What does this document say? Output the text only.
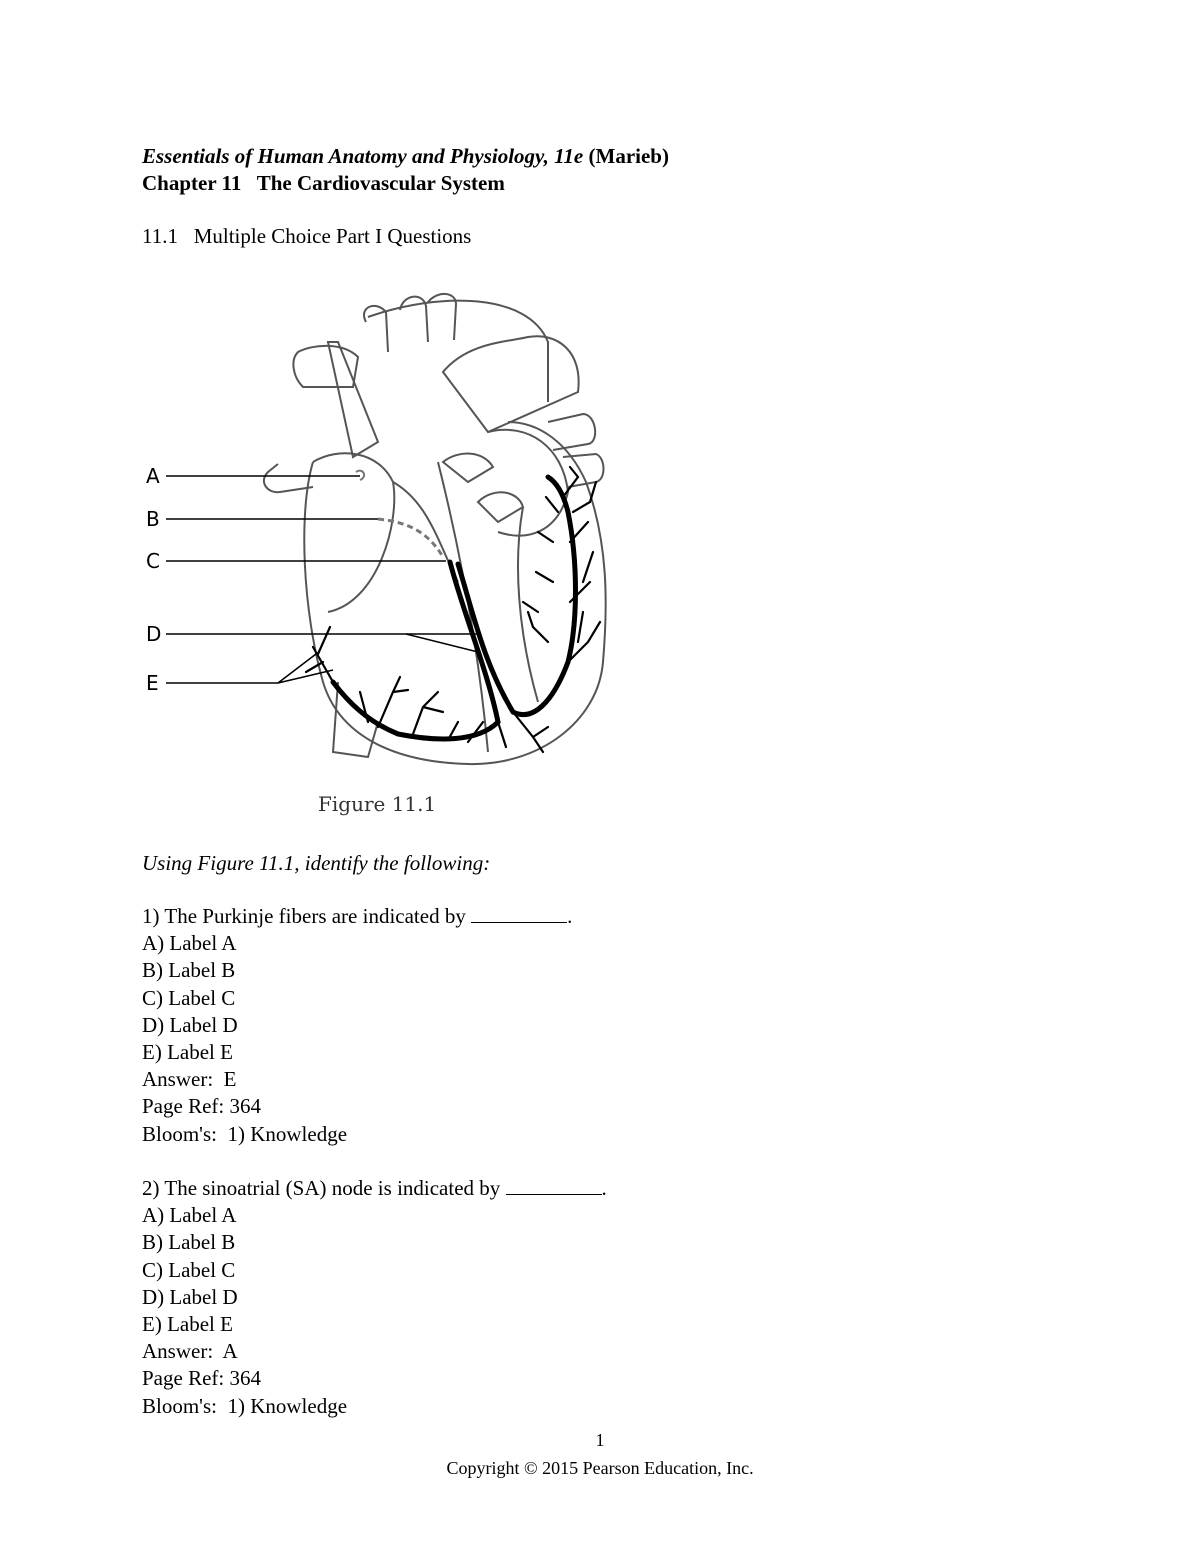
Essentials of Human Anatomy and Physiology, 11e (Marieb)
Chapter 11   The Cardiovascular System
11.1   Multiple Choice Part I Questions
A
B
C
D
E
Figure 11.1
Using Figure 11.1, identify the following:
1) The Purkinje fibers are indicated by	.
A) Label A
B) Label B
C) Label C
D) Label D
E) Label E
Answer:  E
Page Ref: 364
Bloom's:  1) Knowledge
2) The sinoatrial (SA) node is indicated by	.
A) Label A
B) Label B
C) Label C
D) Label D
E) Label E
Answer:  A
Page Ref: 364
Bloom's:  1) Knowledge
1
Copyright © 2015 Pearson Education, Inc.
